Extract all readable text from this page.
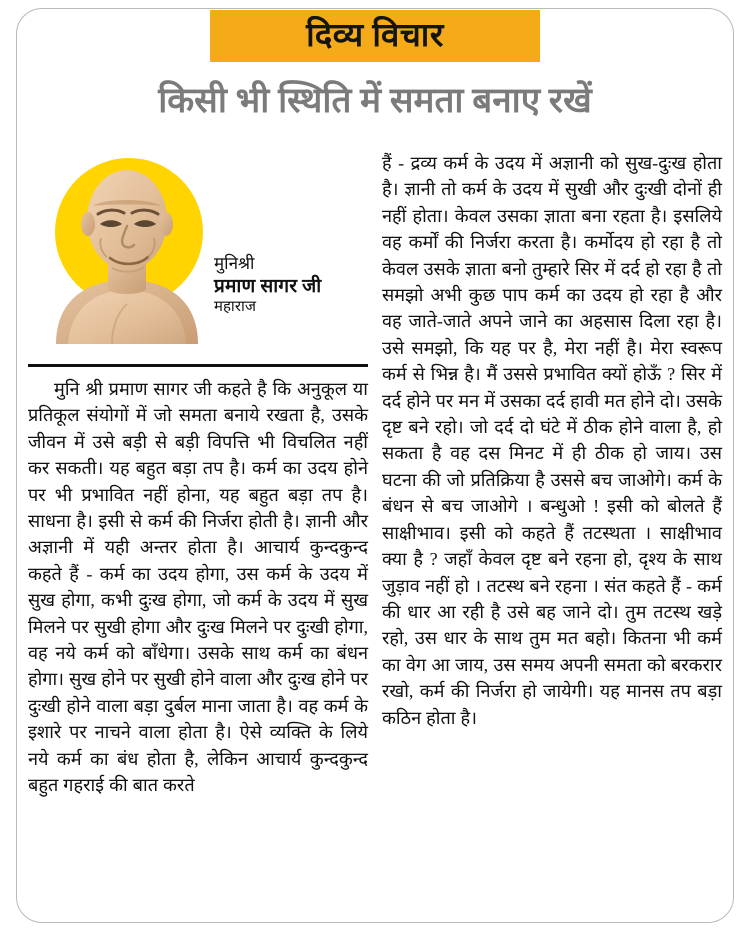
दिव्य विचार
किसी भी स्थिति में समता बनाए रखें
मुनिश्री
प्रमाण सागर जी
महाराज

मुनि श्री प्रमाण सागर जी कहते है कि अनुकूल या प्रतिकूल संयोगों में जो समता बनाये रखता है, उसके जीवन में उसे बड़ी से बड़ी विपत्ति भी विचलित नहीं कर सकती। यह बहुत बड़ा तप है। कर्म का उदय होने पर भी प्रभावित नहीं होना, यह बहुत बड़ा तप है। साधना है। इसी से कर्म की निर्जरा होती है। ज्ञानी और अज्ञानी में यही अन्तर होता है। आचार्य कुन्दकुन्द कहते हैं - कर्म का उदय होगा, उस कर्म के उदय में सुख होगा, कभी दुःख होगा, जो कर्म के उदय में सुख मिलने पर सुखी होगा और दुःख मिलने पर दुःखी होगा, वह नये कर्म को बाँधेगा। उसके साथ कर्म का बंधन होगा। सुख होने पर सुखी होने वाला और दुःख होने पर दुःखी होने वाला बड़ा दुर्बल माना जाता है। वह कर्म के इशारे पर नाचने वाला होता है। ऐसे व्यक्ति के लिये नये कर्म का बंध होता है, लेकिन आचार्य कुन्दकुन्द बहुत गहराई की बात करते

हैं - द्रव्य कर्म के उदय में अज्ञानी को सुख-दुःख होता है। ज्ञानी तो कर्म के उदय में सुखी और दुःखी दोनों ही नहीं होता। केवल उसका ज्ञाता बना रहता है। इसलिये वह कर्मों की निर्जरा करता है। कर्मोदय हो रहा है तो केवल उसके ज्ञाता बनो तुम्हारे सिर में दर्द हो रहा है तो समझो अभी कुछ पाप कर्म का उदय हो रहा है और वह जाते-जाते अपने जाने का अहसास दिला रहा है। उसे समझो, कि यह पर है, मेरा नहीं है। मेरा स्वरूप कर्म से भिन्न है। मैं उससे प्रभावित क्यों होऊँ ? सिर में दर्द होने पर मन में उसका दर्द हावी मत होने दो। उसके दृष्ट बने रहो। जो दर्द दो घंटे में ठीक होने वाला है, हो सकता है वह दस मिनट में ही ठीक हो जाय। उस घटना की जो प्रतिक्रिया है उससे बच जाओगे। कर्म के बंधन से बच जाओगे । बन्धुओ ! इसी को बोलते हैं साक्षीभाव। इसी को कहते हैं तटस्थता । साक्षीभाव क्या है ? जहाँ केवल दृष्ट बने रहना हो, दृश्य के साथ जुड़ाव नहीं हो । तटस्थ बने रहना । संत कहते हैं - कर्म की धार आ रही है उसे बह जाने दो। तुम तटस्थ खड़े रहो, उस धार के साथ तुम मत बहो। कितना भी कर्म का वेग आ जाय, उस समय अपनी समता को बरकरार रखो, कर्म की निर्जरा हो जायेगी। यह मानस तप बड़ा कठिन होता है।
